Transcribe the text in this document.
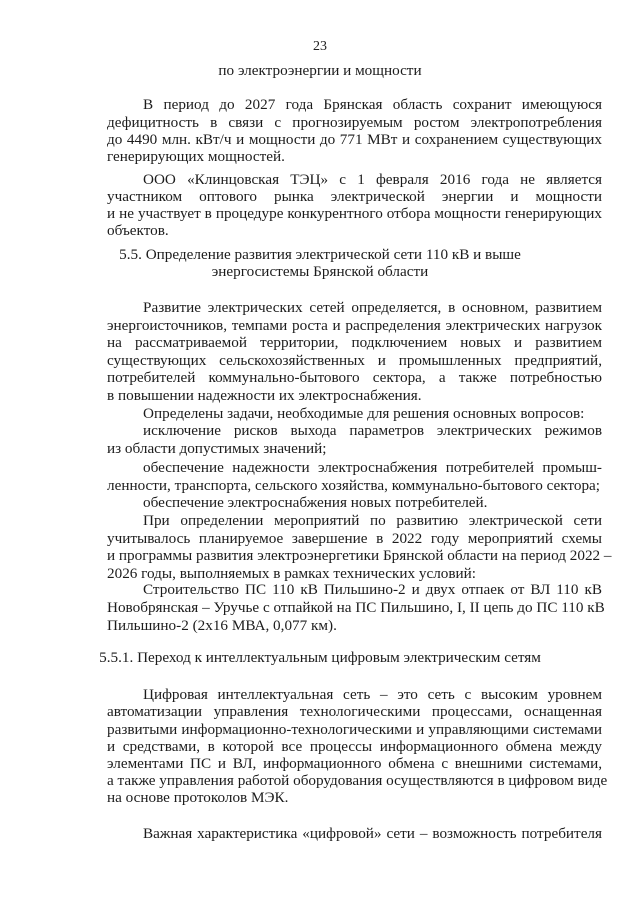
23
по электроэнергии и мощности
В период до 2027 года Брянская область сохранит имеющуюся
дефицитность в связи с прогнозируемым ростом электропотребления
до 4490 млн. кВт/ч и мощности до 771 МВт и сохранением существующих
генерирующих мощностей.
ООО «Клинцовская ТЭЦ» с 1 февраля 2016 года не является
участником оптового рынка электрической энергии и мощности
и не участвует в процедуре конкурентного отбора мощности генерирующих
объектов.
5.5. Определение развития электрической сети 110 кВ и выше
энергосистемы Брянской области
Развитие электрических сетей определяется, в основном, развитием
энергоисточников, темпами роста и распределения электрических нагрузок
на рассматриваемой территории, подключением новых и развитием
существующих сельскохозяйственных и промышленных предприятий,
потребителей коммунально-бытового сектора, а также потребностью
в повышении надежности их электроснабжения.
Определены задачи, необходимые для решения основных вопросов:
исключение рисков выхода параметров электрических режимов
из области допустимых значений;
обеспечение надежности электроснабжения потребителей промыш-
ленности, транспорта, сельского хозяйства, коммунально-бытового сектора;
обеспечение электроснабжения новых потребителей.
При определении мероприятий по развитию электрической сети
учитывалось планируемое завершение в 2022 году мероприятий схемы
и программы развития электроэнергетики Брянской области на период 2022 –
2026 годы, выполняемых в рамках технических условий:
Строительство ПС 110 кВ Пильшино-2 и двух отпаек от ВЛ 110 кВ
Новобрянская – Уручье с отпайкой на ПС Пильшино, I, II цепь до ПС 110 кВ
Пильшино-2 (2х16 МВА, 0,077 км).
5.5.1. Переход к интеллектуальным цифровым электрическим сетям
Цифровая интеллектуальная сеть – это сеть с высоким уровнем
автоматизации управления технологическими процессами, оснащенная
развитыми информационно-технологическими и управляющими системами
и средствами, в которой все процессы информационного обмена между
элементами ПС и ВЛ, информационного обмена с внешними системами,
а также управления работой оборудования осуществляются в цифровом виде
на основе протоколов МЭК.
Важная характеристика «цифровой» сети – возможность потребителя
